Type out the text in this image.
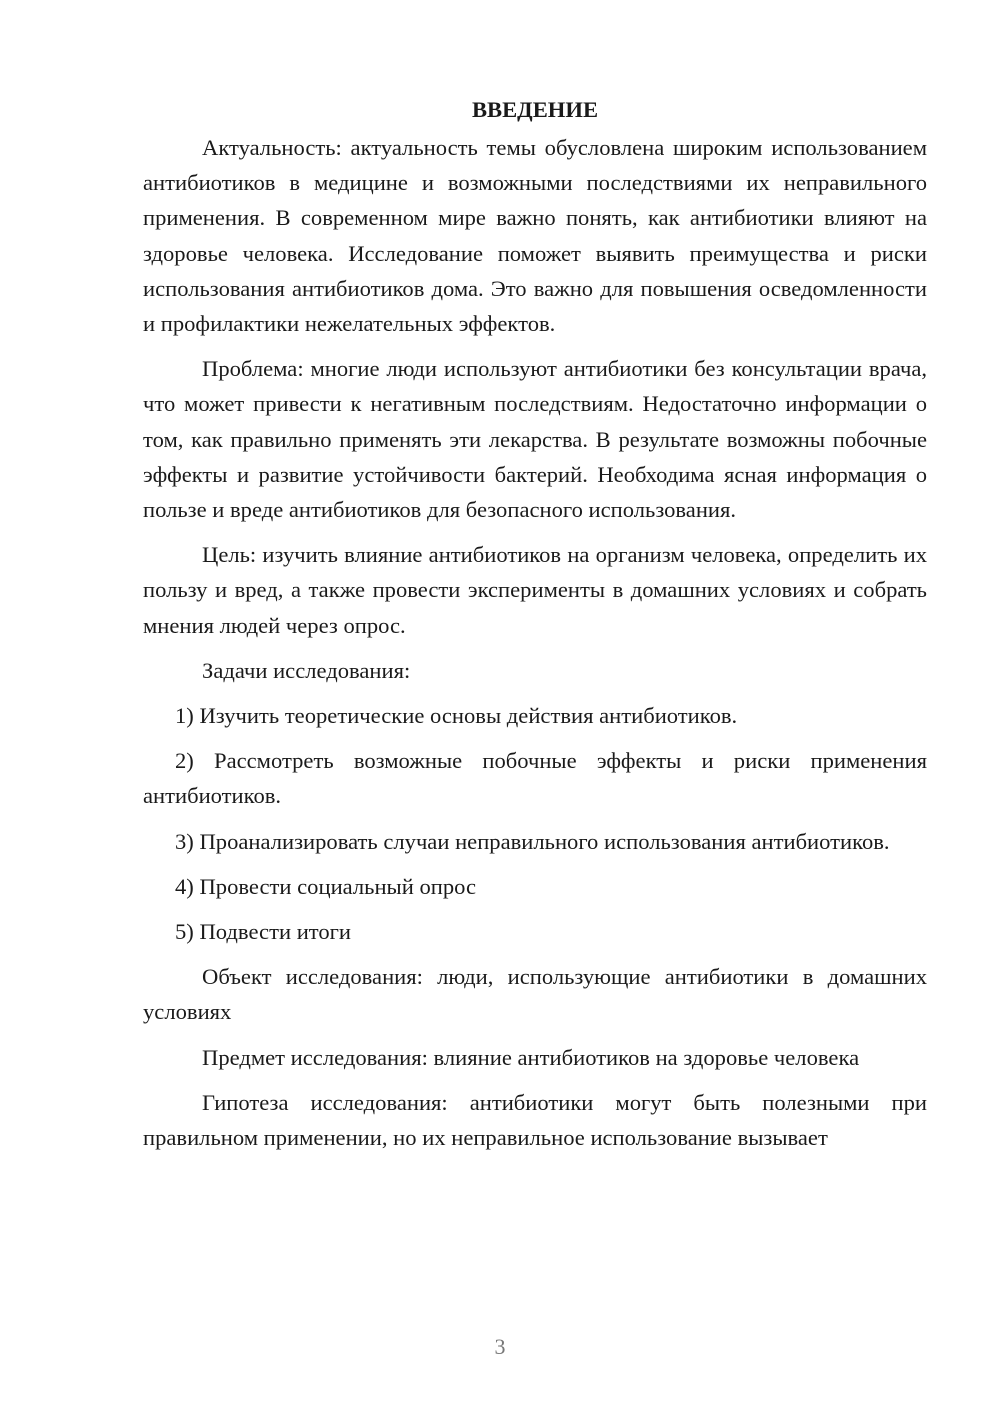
ВВЕДЕНИЕ

Актуальность: актуальность темы обусловлена широким использованием антибиотиков в медицине и возможными последствиями их неправильного применения. В современном мире важно понять, как антибиотики влияют на здоровье человека. Исследование поможет выявить преимущества и риски использования антибиотиков дома. Это важно для повышения осведомленности и профилактики нежелательных эффектов.

Проблема: многие люди используют антибиотики без консультации врача, что может привести к негативным последствиям. Недостаточно информации о том, как правильно применять эти лекарства. В результате возможны побочные эффекты и развитие устойчивости бактерий. Необходима ясная информация о пользе и вреде антибиотиков для безопасного использования.

Цель: изучить влияние антибиотиков на организм человека, определить их пользу и вред, а также провести эксперименты в домашних условиях и собрать мнения людей через опрос.

Задачи исследования:

1) Изучить теоретические основы действия антибиотиков.

2) Рассмотреть возможные побочные эффекты и риски применения антибиотиков.

3) Проанализировать случаи неправильного использования антибиотиков.

4) Провести социальный опрос

5) Подвести итоги

Объект исследования: люди, использующие антибиотики в домашних условиях

Предмет исследования: влияние антибиотиков на здоровье человека

Гипотеза исследования: антибиотики могут быть полезными при правильном применении, но их неправильное использование вызывает

3
